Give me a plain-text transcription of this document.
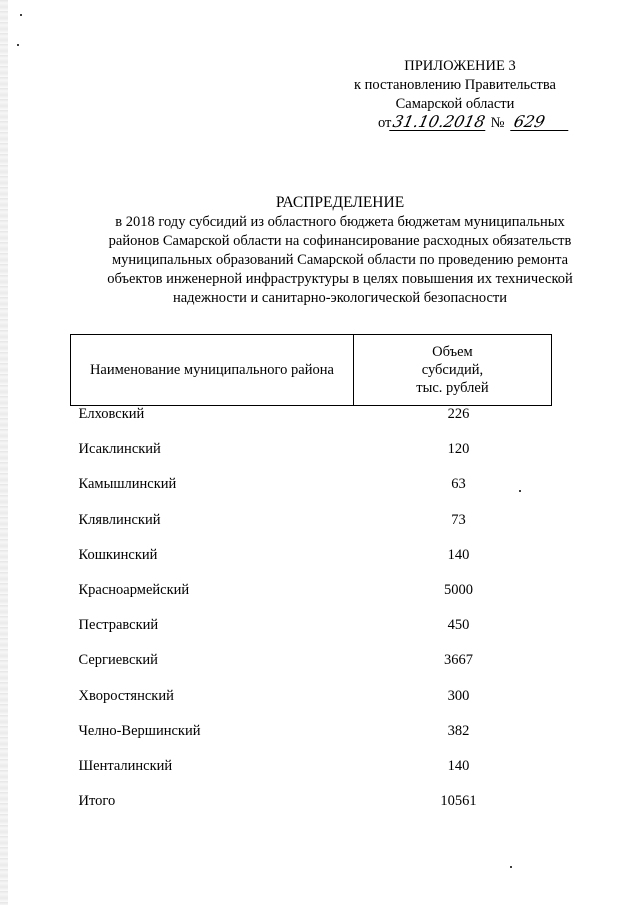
ПРИЛОЖЕНИЕ 3
к постановлению Правительства
Самарской области
от31.10.2018 № 629
РАСПРЕДЕЛЕНИЕ
в 2018 году субсидий из областного бюджета бюджетам муниципальных
районов Самарской области на софинансирование расходных обязательств
муниципальных образований Самарской области по проведению ремонта
объектов инженерной инфраструктуры в целях повышения их технической
надежности и санитарно-экологической безопасности
Наименование муниципального района	Объем
субсидий,
тыс. рублей

Елховский	226
Исаклинский	120
Камышлинский	63
Клявлинский	73
Кошкинский	140
Красноармейский	5000
Пестравский	450
Сергиевский	3667
Хворостянский	300
Челно-Вершинский	382
Шенталинский	140
Итого	10561
